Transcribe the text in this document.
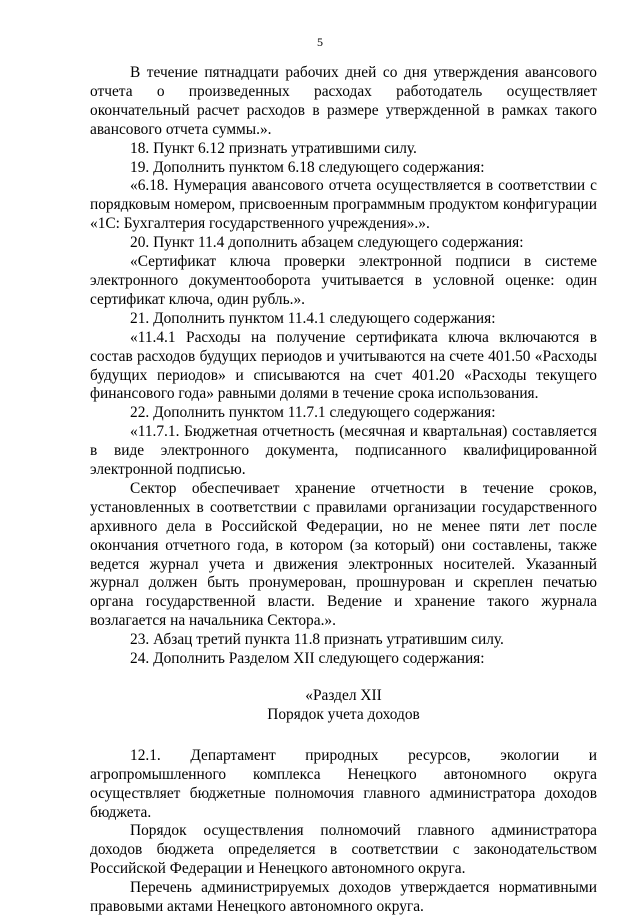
5

В течение пятнадцати рабочих дней со дня утверждения авансового отчета о произведенных расходах работодатель осуществляет окончательный расчет расходов в размере утвержденной в рамках такого авансового отчета суммы.».

18. Пункт 6.12 признать утратившими силу.

19. Дополнить пунктом 6.18 следующего содержания:

«6.18. Нумерация авансового отчета осуществляется в соответствии с порядковым номером, присвоенным программным продуктом конфигурации «1С: Бухгалтерия государственного учреждения».».

20. Пункт 11.4 дополнить абзацем следующего содержания:

«Сертификат ключа проверки электронной подписи в системе электронного документооборота учитывается в условной оценке: один сертификат ключа, один рубль.».

21. Дополнить пунктом 11.4.1 следующего содержания:

«11.4.1 Расходы на получение сертификата ключа включаются в состав расходов будущих периодов и учитываются на счете 401.50 «Расходы будущих периодов» и списываются на счет 401.20 «Расходы текущего финансового года» равными долями в течение срока использования.

22. Дополнить пунктом 11.7.1 следующего содержания:

«11.7.1. Бюджетная отчетность (месячная и квартальная) составляется в виде электронного документа, подписанного квалифицированной электронной подписью.

Сектор обеспечивает хранение отчетности в течение сроков, установленных в соответствии с правилами организации государственного архивного дела в Российской Федерации, но не менее пяти лет после окончания отчетного года, в котором (за который) они составлены, также ведется журнал учета и движения электронных носителей. Указанный журнал должен быть пронумерован, прошнурован и скреплен печатью органа государственной власти. Ведение и хранение такого журнала возлагается на начальника Сектора.».

23. Абзац третий пункта 11.8 признать утратившим силу.

24. Дополнить Разделом XII следующего содержания:

«Раздел XII

Порядок учета доходов

12.1. Департамент природных ресурсов, экологии и агропромышленного комплекса Ненецкого автономного округа осуществляет бюджетные полномочия главного администратора доходов бюджета.

Порядок осуществления полномочий главного администратора доходов бюджета определяется в соответствии с законодательством Российской Федерации и Ненецкого автономного округа.

Перечень администрируемых доходов утверждается нормативными правовыми актами Ненецкого автономного округа.
